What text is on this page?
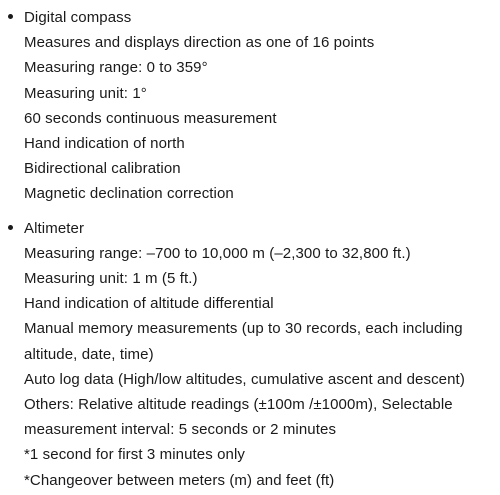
Digital compass
Measures and displays direction as one of 16 points
Measuring range: 0 to 359°
Measuring unit: 1°
60 seconds continuous measurement
Hand indication of north
Bidirectional calibration
Magnetic declination correction
Altimeter
Measuring range: –700 to 10,000 m (–2,300 to 32,800 ft.)
Measuring unit: 1 m (5 ft.)
Hand indication of altitude differential
Manual memory measurements (up to 30 records, each including
altitude, date, time)
Auto log data (High/low altitudes, cumulative ascent and descent)
Others: Relative altitude readings (±100m /±1000m), Selectable
measurement interval: 5 seconds or 2 minutes
*1 second for first 3 minutes only
*Changeover between meters (m) and feet (ft)
